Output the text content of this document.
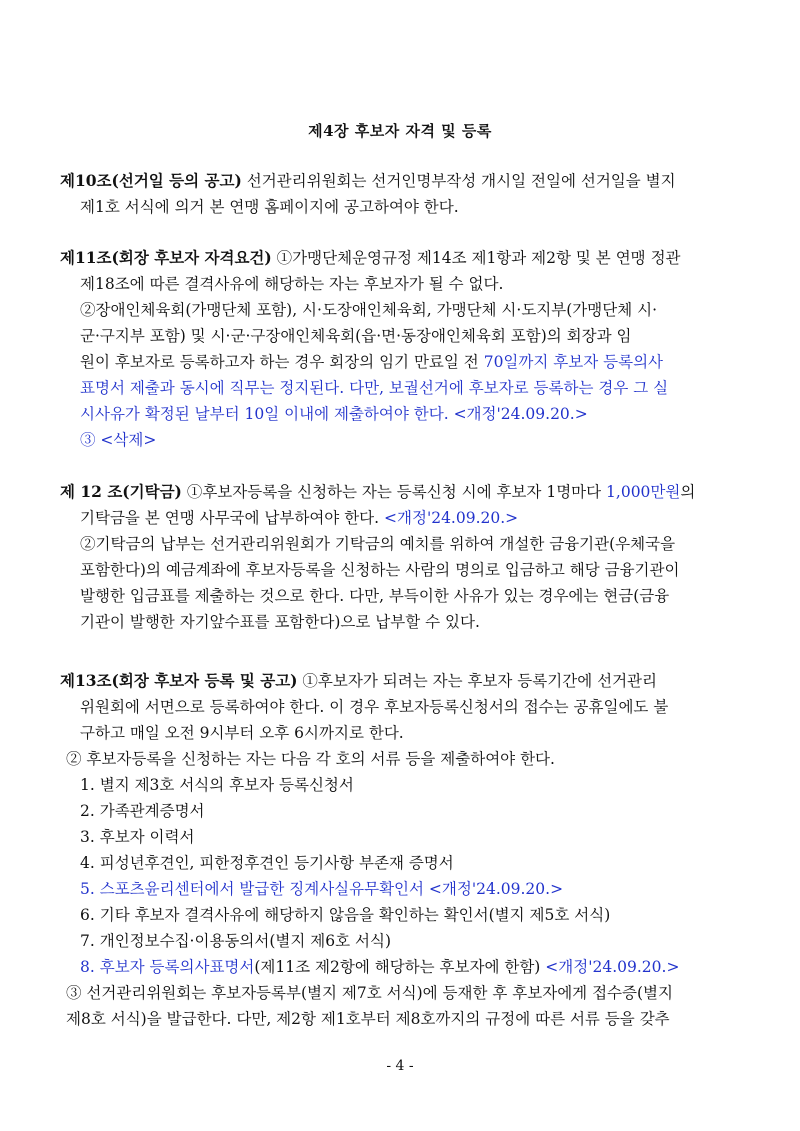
제4장 후보자 자격 및 등록
제10조(선거일 등의 공고) 선거관리위원회는 선거인명부작성 개시일 전일에 선거일을 별지
제1호 서식에 의거 본 연맹 홈페이지에 공고하여야 한다.
제11조(회장 후보자 자격요건) ①가맹단체운영규정 제14조 제1항과 제2항 및 본 연맹 정관
제18조에 따른 결격사유에 해당하는 자는 후보자가 될 수 없다.
②장애인체육회(가맹단체 포함), 시·도장애인체육회, 가맹단체 시·도지부(가맹단체 시·
군·구지부 포함) 및 시·군·구장애인체육회(읍·면·동장애인체육회 포함)의 회장과 임
원이 후보자로 등록하고자 하는 경우 회장의 임기 만료일 전 70일까지 후보자 등록의사
표명서 제출과 동시에 직무는 정지된다. 다만, 보궐선거에 후보자로 등록하는 경우 그 실
시사유가 확정된 날부터 10일 이내에 제출하여야 한다. <개정'24.09.20.>
③ <삭제>
제 12 조(기탁금) ①후보자등록을 신청하는 자는 등록신청 시에 후보자 1명마다 1,000만원의
기탁금을 본 연맹 사무국에 납부하여야 한다. <개정'24.09.20.>
②기탁금의 납부는 선거관리위원회가 기탁금의 예치를 위하여 개설한 금융기관(우체국을
포함한다)의 예금계좌에 후보자등록을 신청하는 사람의 명의로 입금하고 해당 금융기관이
발행한 입금표를 제출하는 것으로 한다. 다만, 부득이한 사유가 있는 경우에는 현금(금융
기관이 발행한 자기앞수표를 포함한다)으로 납부할 수 있다.
제13조(회장 후보자 등록 및 공고) ①후보자가 되려는 자는 후보자 등록기간에 선거관리
위원회에 서면으로 등록하여야 한다. 이 경우 후보자등록신청서의 접수는 공휴일에도 불
구하고 매일 오전 9시부터 오후 6시까지로 한다.
② 후보자등록을 신청하는 자는 다음 각 호의 서류 등을 제출하여야 한다.
1. 별지 제3호 서식의 후보자 등록신청서
2. 가족관계증명서
3. 후보자 이력서
4. 피성년후견인, 피한정후견인 등기사항 부존재 증명서
5. 스포츠윤리센터에서 발급한 징계사실유무확인서 <개정'24.09.20.>
6. 기타 후보자 결격사유에 해당하지 않음을 확인하는 확인서(별지 제5호 서식)
7. 개인정보수집·이용동의서(별지 제6호 서식)
8. 후보자 등록의사표명서(제11조 제2항에 해당하는 후보자에 한함) <개정'24.09.20.>
③ 선거관리위원회는 후보자등록부(별지 제7호 서식)에 등재한 후 후보자에게 접수증(별지
제8호 서식)을 발급한다. 다만, 제2항 제1호부터 제8호까지의 규정에 따른 서류 등을 갖추
- 4 -
